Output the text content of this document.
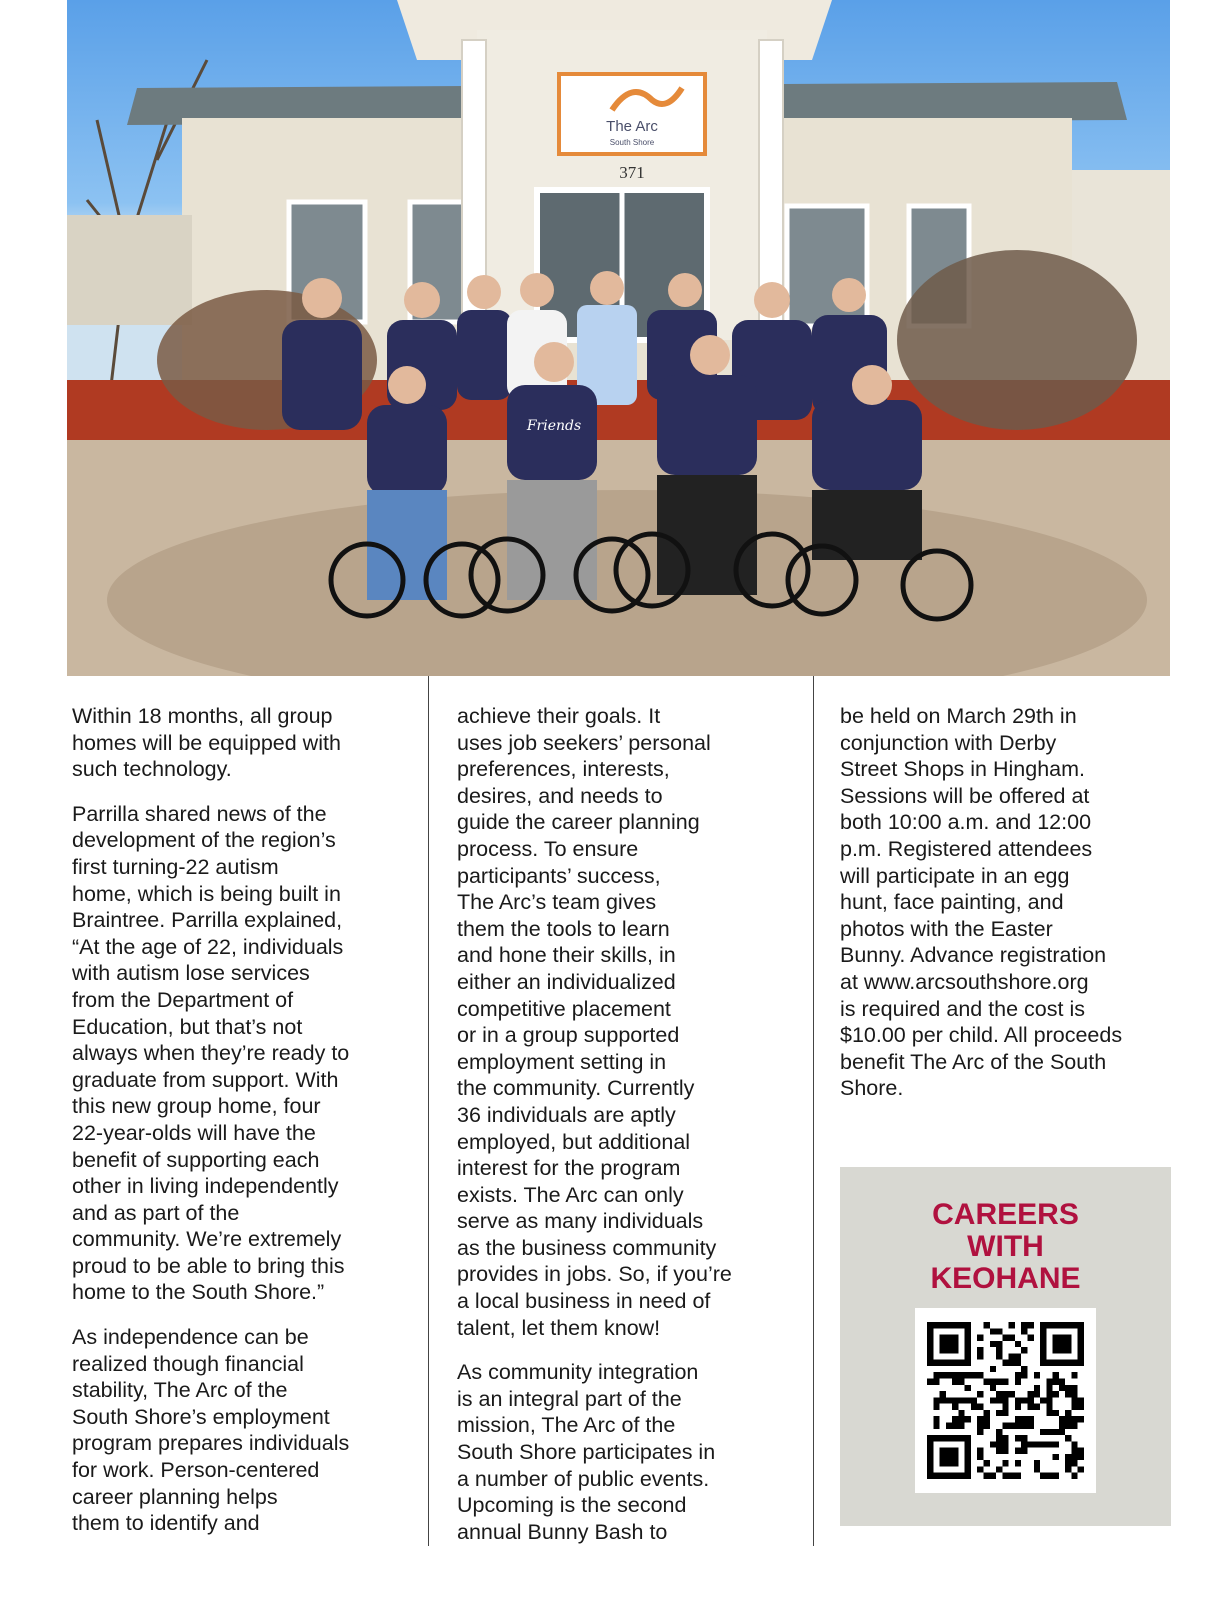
The Arc
South Shore
371
Friends

Within 18 months, all group
homes will be equipped with
such technology.

Parrilla shared news of the
development of the region’s
first turning-22 autism
home, which is being built in
Braintree. Parrilla explained,
“At the age of 22, individuals
with autism lose services
from the Department of
Education, but that’s not
always when they’re ready to
graduate from support. With
this new group home, four
22-year-olds will have the
benefit of supporting each
other in living independently
and as part of the
community. We’re extremely
proud to be able to bring this
home to the South Shore.”

As independence can be
realized though financial
stability, The Arc of the
South Shore’s employment
program prepares individuals
for work. Person-centered
career planning helps
them to identify and

achieve their goals. It
uses job seekers’ personal
preferences, interests,
desires, and needs to
guide the career planning
process. To ensure
participants’ success,
The Arc’s team gives
them the tools to learn
and hone their skills, in
either an individualized
competitive placement
or in a group supported
employment setting in
the community. Currently
36 individuals are aptly
employed, but additional
interest for the program
exists. The Arc can only
serve as many individuals
as the business community
provides in jobs. So, if you’re
a local business in need of
talent, let them know!

As community integration
is an integral part of the
mission, The Arc of the
South Shore participates in
a number of public events.
Upcoming is the second
annual Bunny Bash to

be held on March 29th in
conjunction with Derby
Street Shops in Hingham.
Sessions will be offered at
both 10:00 a.m. and 12:00
p.m. Registered attendees
will participate in an egg
hunt, face painting, and
photos with the Easter
Bunny. Advance registration
at www.arcsouthshore.org
is required and the cost is
$10.00 per child. All proceeds
benefit The Arc of the South
Shore.

CAREERS
WITH
KEOHANE
